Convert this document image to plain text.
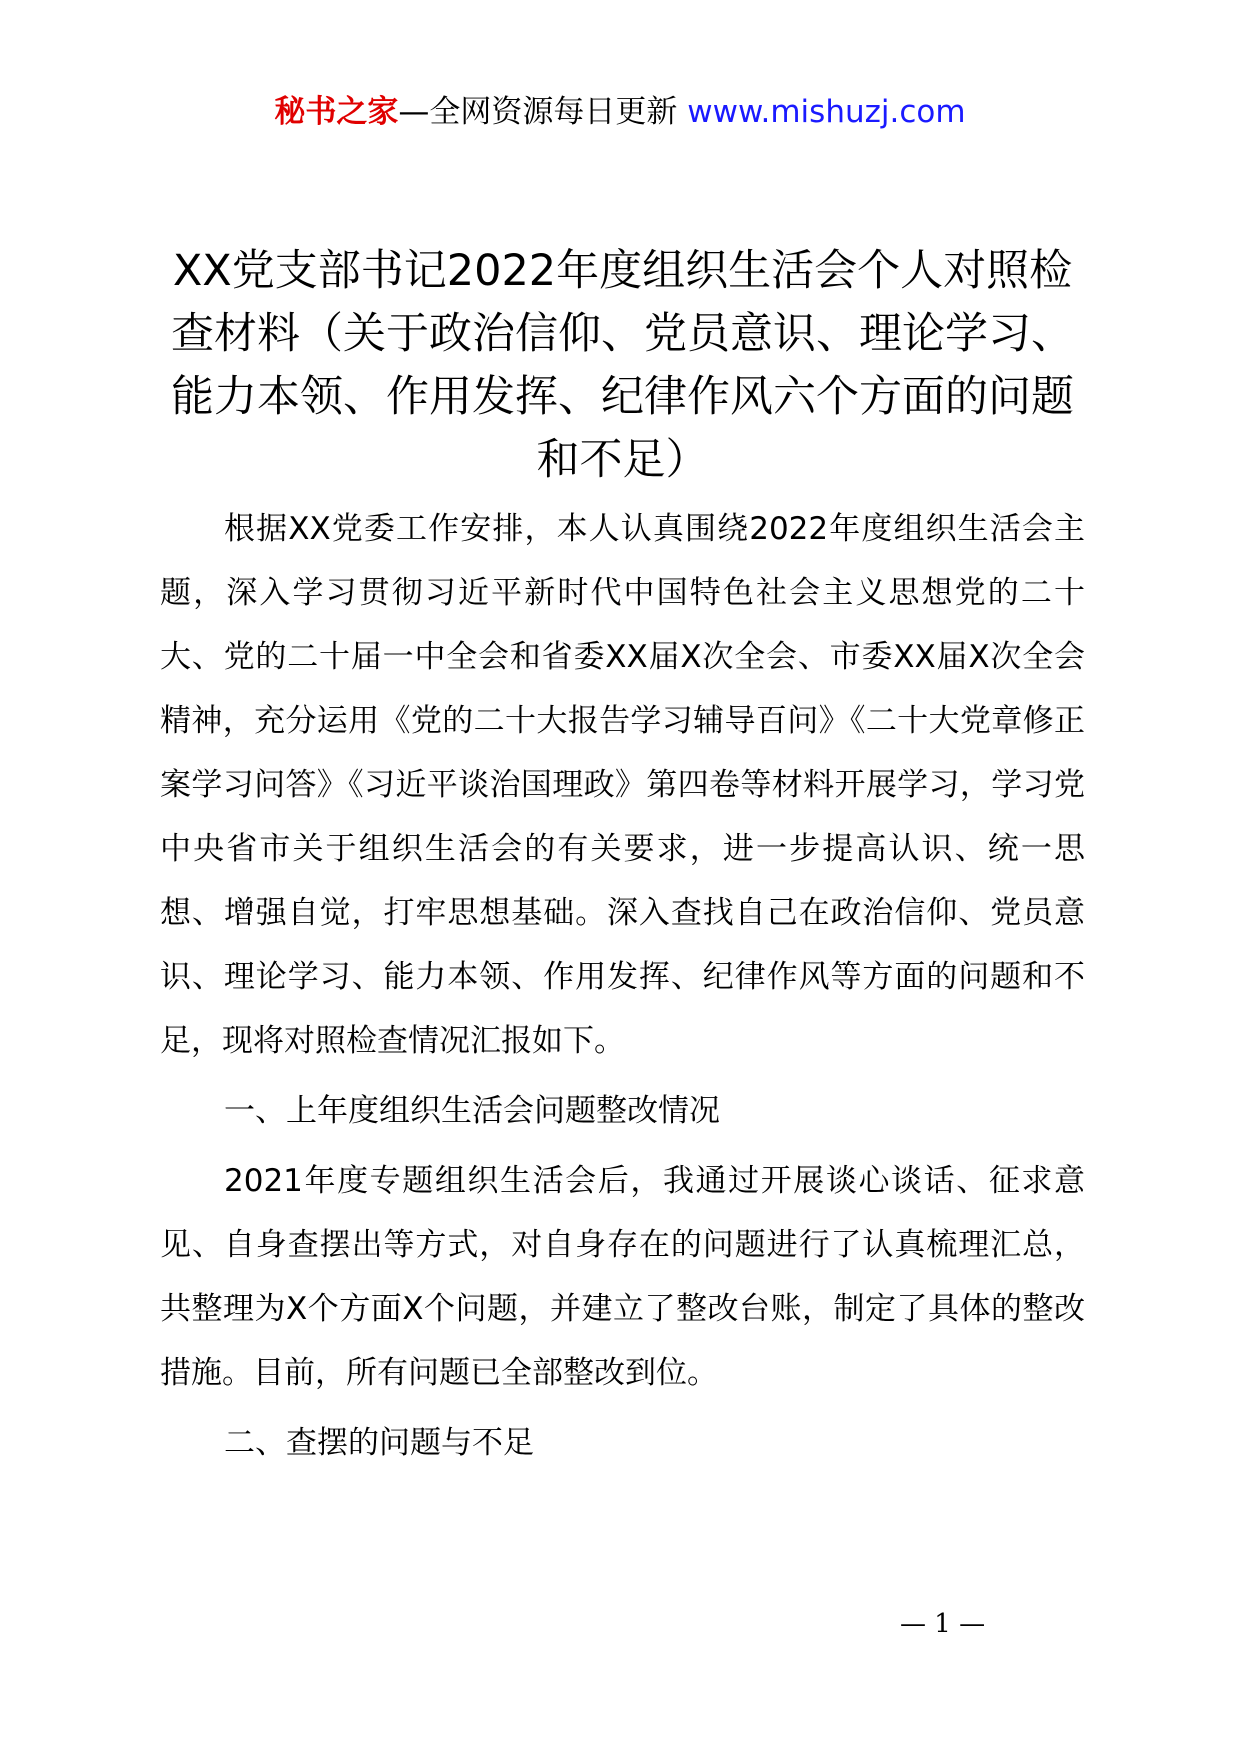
秘书之家—全网资源每日更新 www.mishuzj.com
XX党支部书记2022年度组织生活会个人对照检查材料（关于政治信仰、党员意识、理论学习、能力本领、作用发挥、纪律作风六个方面的问题和不足）

根据XX党委工作安排，本人认真围绕2022年度组织生活会主题，深入学习贯彻习近平新时代中国特色社会主义思想党的二十大、党的二十届一中全会和省委XX届X次全会、市委XX届X次全会精神，充分运用《党的二十大报告学习辅导百问》《二十大党章修正案学习问答》《习近平谈治国理政》第四卷等材料开展学习，学习党中央省市关于组织生活会的有关要求，进一步提高认识、统一思想、增强自觉，打牢思想基础。深入查找自己在政治信仰、党员意识、理论学习、能力本领、作用发挥、纪律作风等方面的问题和不足，现将对照检查情况汇报如下。

一、上年度组织生活会问题整改情况

2021年度专题组织生活会后，我通过开展谈心谈话、征求意见、自身查摆出等方式，对自身存在的问题进行了认真梳理汇总，共整理为X个方面X个问题，并建立了整改台账，制定了具体的整改措施。目前，所有问题已全部整改到位。

二、查摆的问题与不足

— 1 —
